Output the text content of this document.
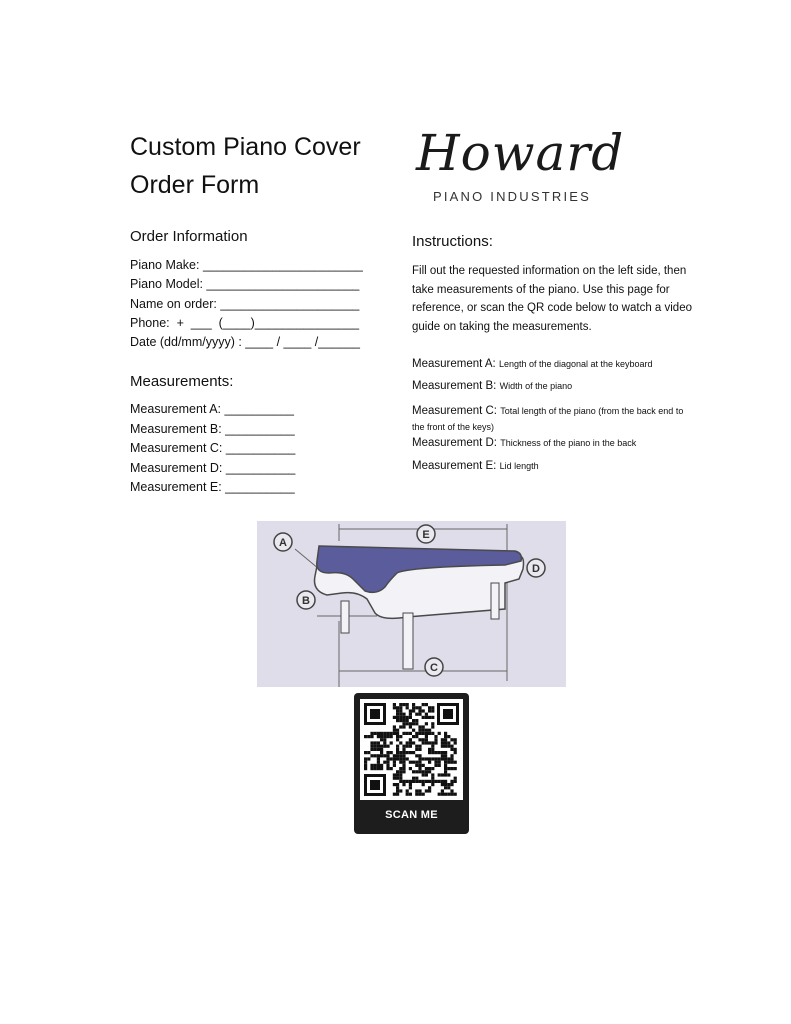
Custom Piano Cover
Order Form
Howard
PIANO INDUSTRIES
Order Information
Piano Make: _______________________
Piano Model: ______________________
Name on order: ____________________
Phone:  +  ___  (____)_______________
Date (dd/mm/yyyy) : ____ / ____ /______
Measurements:
Measurement A: __________
Measurement B: __________
Measurement C: __________
Measurement D: __________
Measurement E: __________
Instructions:
Fill out the requested information on the left side, then
take measurements of the piano. Use this page for
reference, or scan the QR code below to watch a video
guide on taking the measurements.
Measurement A: Length of the diagonal at the keyboard
Measurement B: Width of the piano
Measurement C: Total length of the piano (from the back end to
the front of the keys)
Measurement D: Thickness of the piano in the back
Measurement E: Lid length
A
B
C
D
E
SCAN ME
